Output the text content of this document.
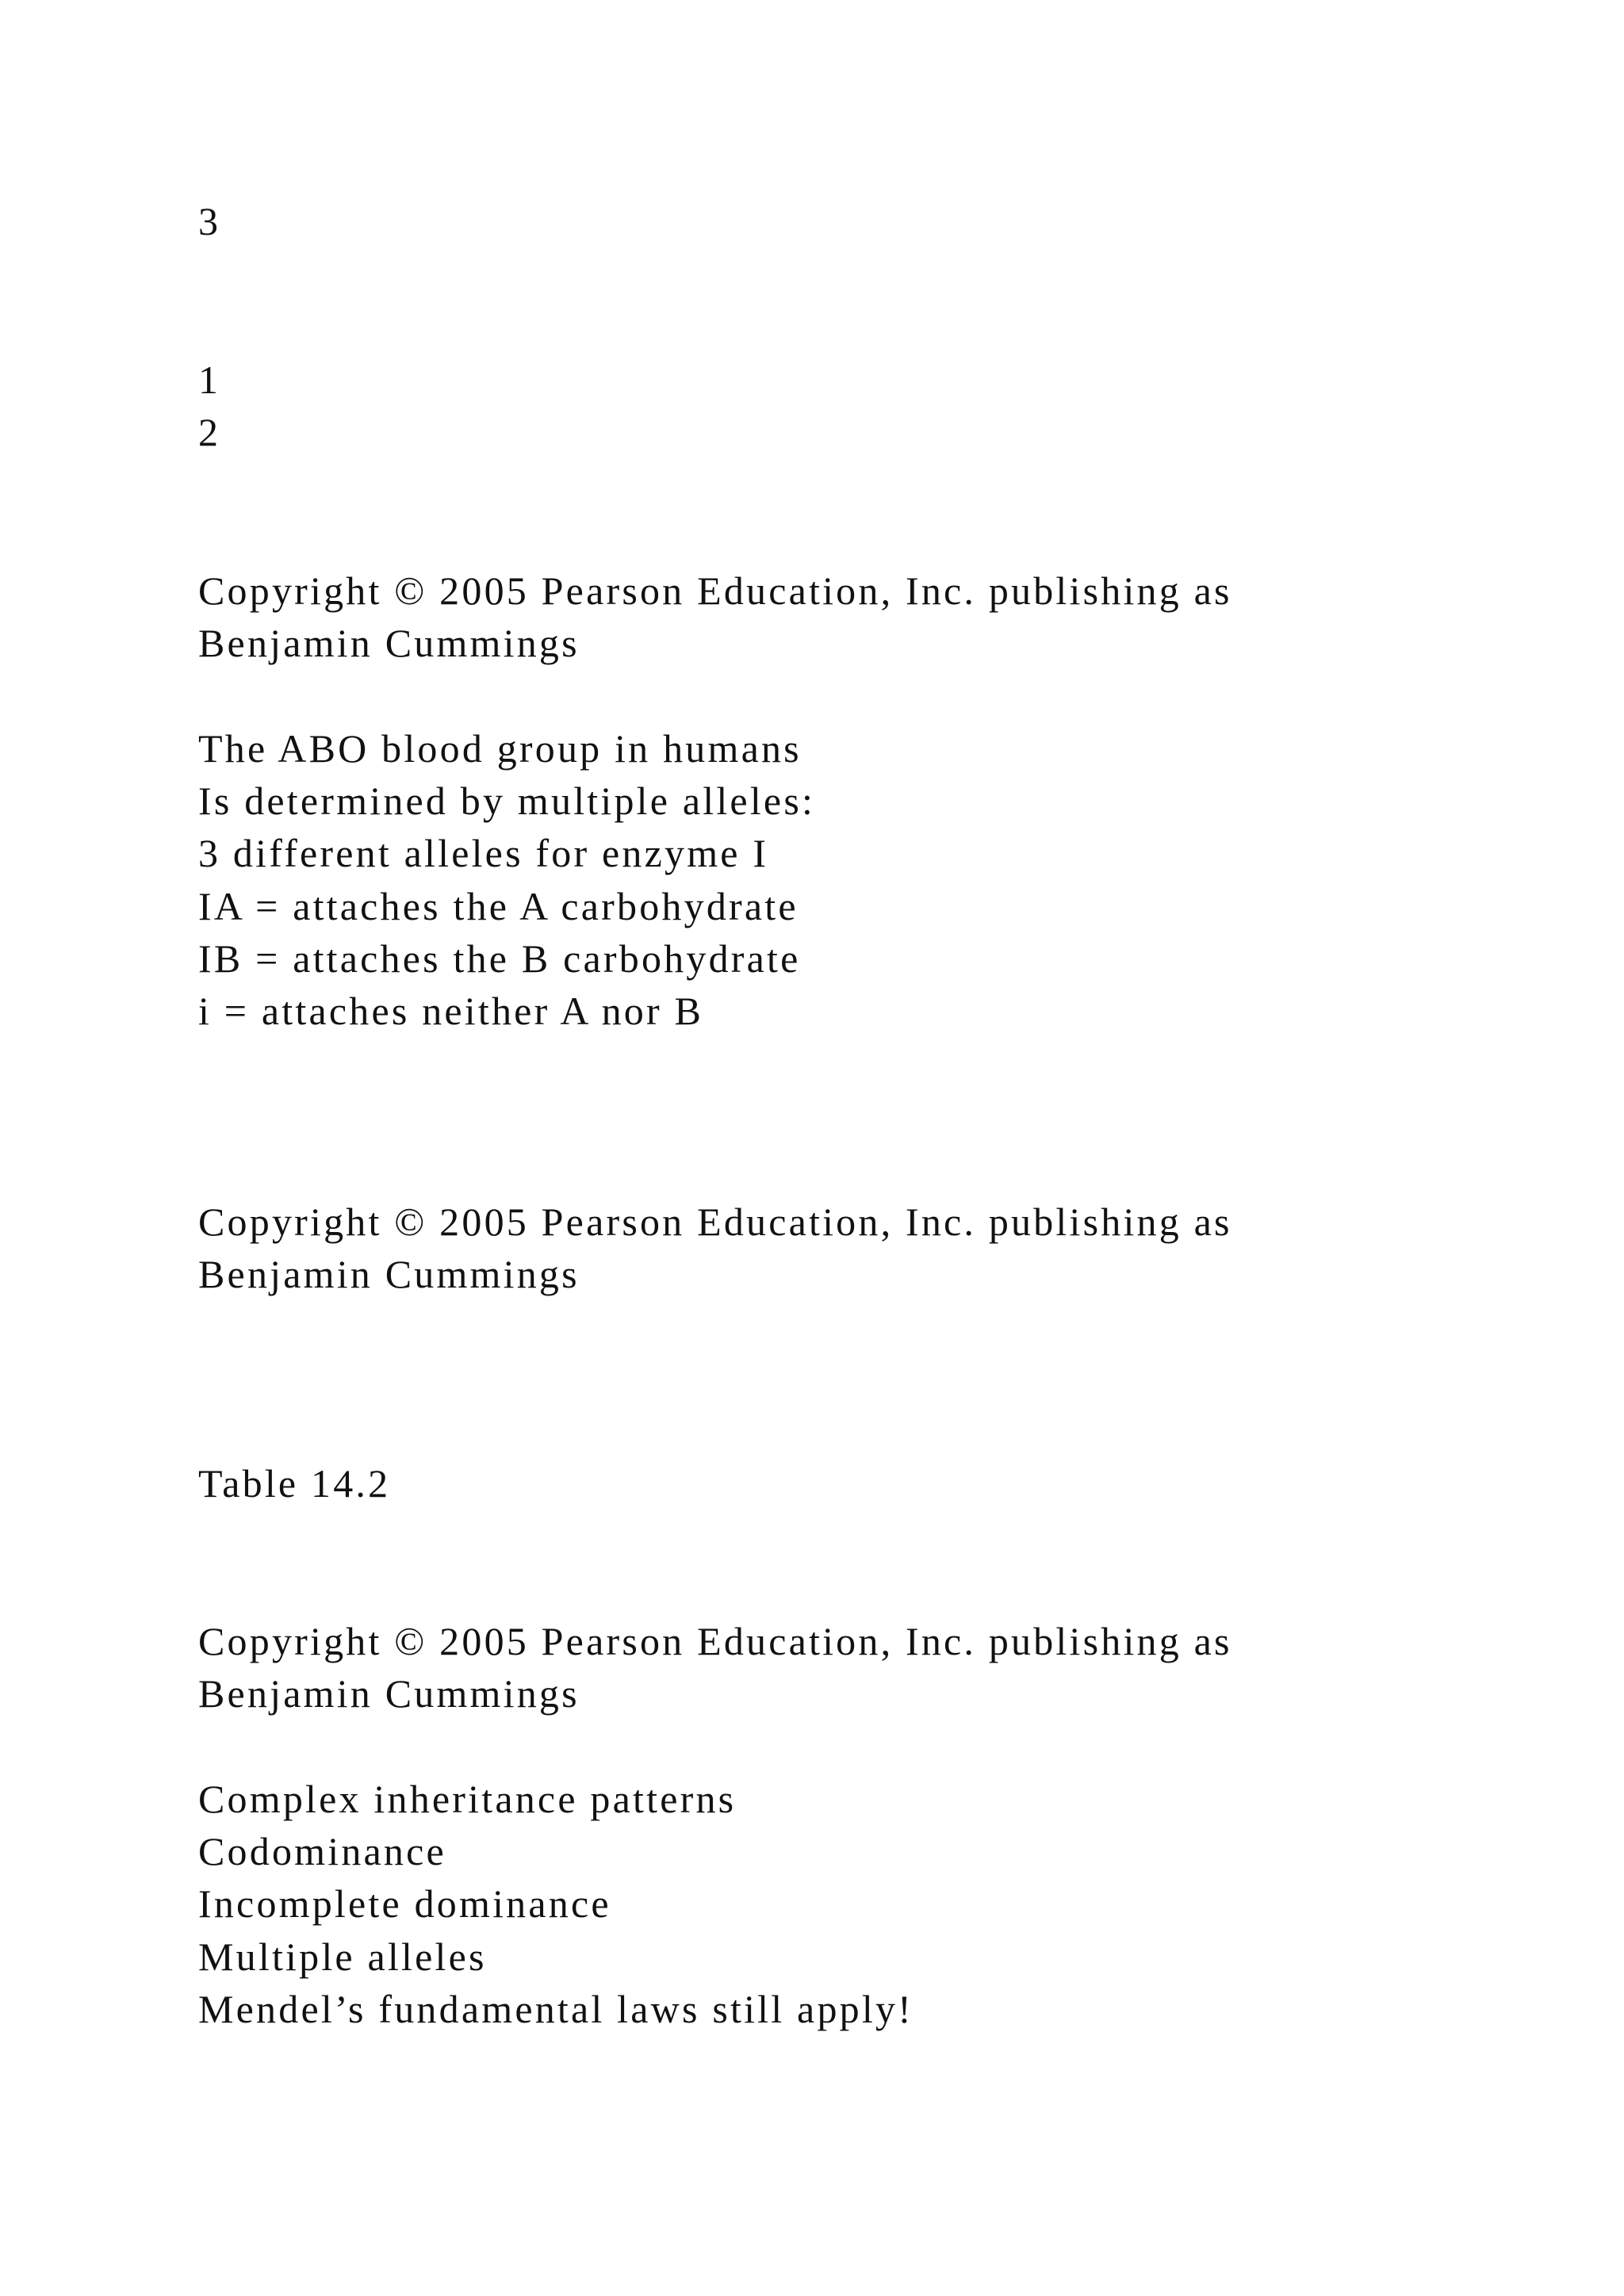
3
1
2
Copyright © 2005 Pearson Education, Inc. publishing as
Benjamin Cummings
The ABO blood group in humans
Is determined by multiple alleles:
3 different alleles for enzyme I
IA = attaches the A carbohydrate
IB = attaches the B carbohydrate
i = attaches neither A nor B
Copyright © 2005 Pearson Education, Inc. publishing as
Benjamin Cummings
Table 14.2
Copyright © 2005 Pearson Education, Inc. publishing as
Benjamin Cummings
Complex inheritance patterns
Codominance
Incomplete dominance
Multiple alleles
Mendel’s fundamental laws still apply!
